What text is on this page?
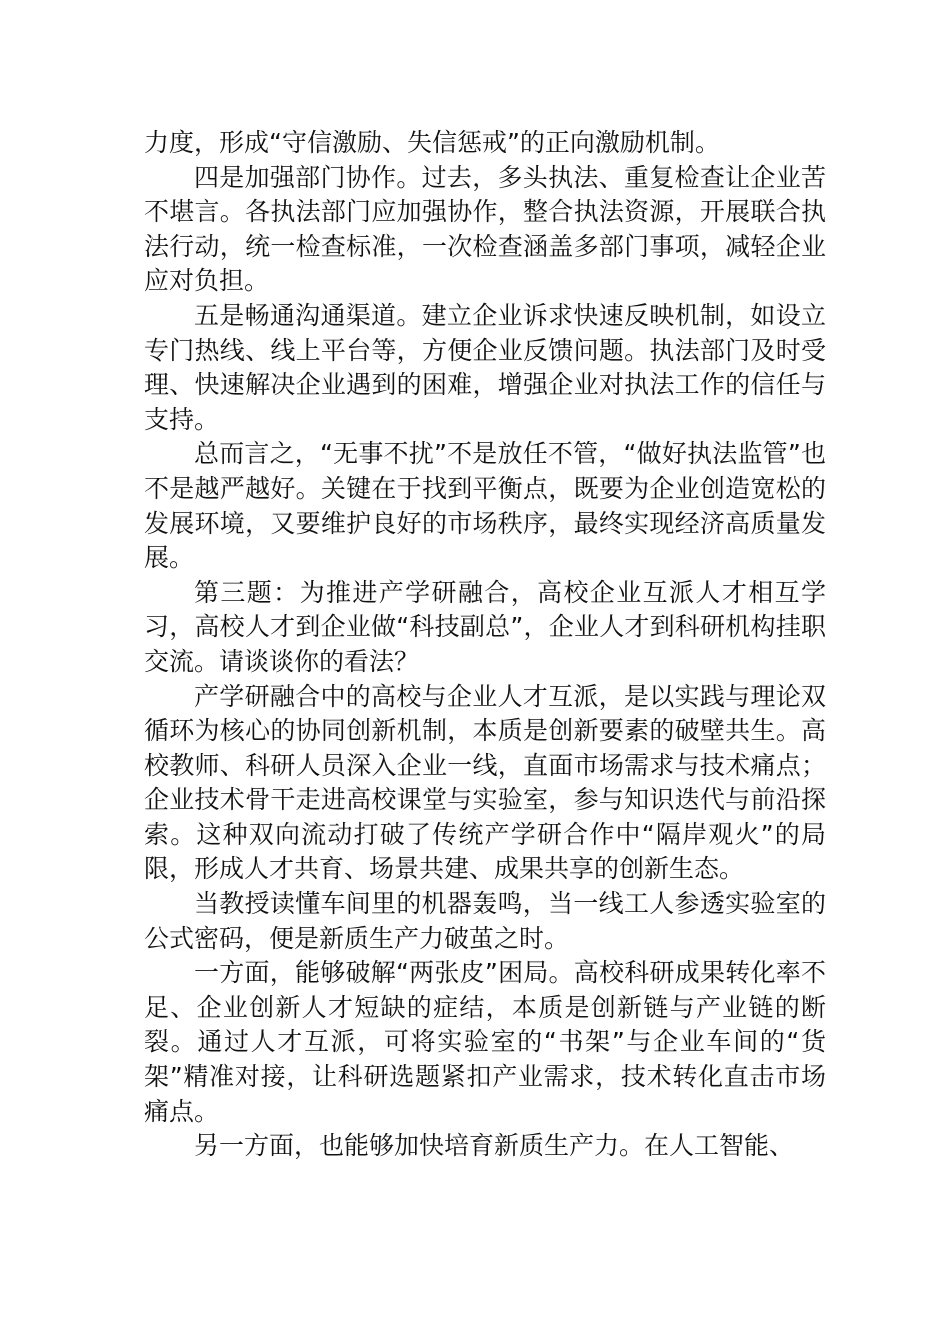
力度，形成“守信激励、失信惩戒”的正向激励机制。

四是加强部门协作。过去，多头执法、重复检查让企业苦不堪言。各执法部门应加强协作，整合执法资源，开展联合执法行动，统一检查标准，一次检查涵盖多部门事项，减轻企业应对负担。

五是畅通沟通渠道。建立企业诉求快速反映机制，如设立专门热线、线上平台等，方便企业反馈问题。执法部门及时受理、快速解决企业遇到的困难，增强企业对执法工作的信任与支持。

总而言之，“无事不扰”不是放任不管，“做好执法监管”也不是越严越好。关键在于找到平衡点，既要为企业创造宽松的发展环境，又要维护良好的市场秩序，最终实现经济高质量发展。

第三题：为推进产学研融合，高校企业互派人才相互学习，高校人才到企业做“科技副总”，企业人才到科研机构挂职交流。请谈谈你的看法？

产学研融合中的高校与企业人才互派，是以实践与理论双循环为核心的协同创新机制，本质是创新要素的破壁共生。高校教师、科研人员深入企业一线，直面市场需求与技术痛点；企业技术骨干走进高校课堂与实验室，参与知识迭代与前沿探索。这种双向流动打破了传统产学研合作中“隔岸观火”的局限，形成人才共育、场景共建、成果共享的创新生态。

当教授读懂车间里的机器轰鸣，当一线工人参透实验室的公式密码，便是新质生产力破茧之时。

一方面，能够破解“两张皮”困局。高校科研成果转化率不足、企业创新人才短缺的症结，本质是创新链与产业链的断裂。通过人才互派，可将实验室的“书架”与企业车间的“货架”精准对接，让科研选题紧扣产业需求，技术转化直击市场痛点。

另一方面，也能够加快培育新质生产力。在人工智能、
